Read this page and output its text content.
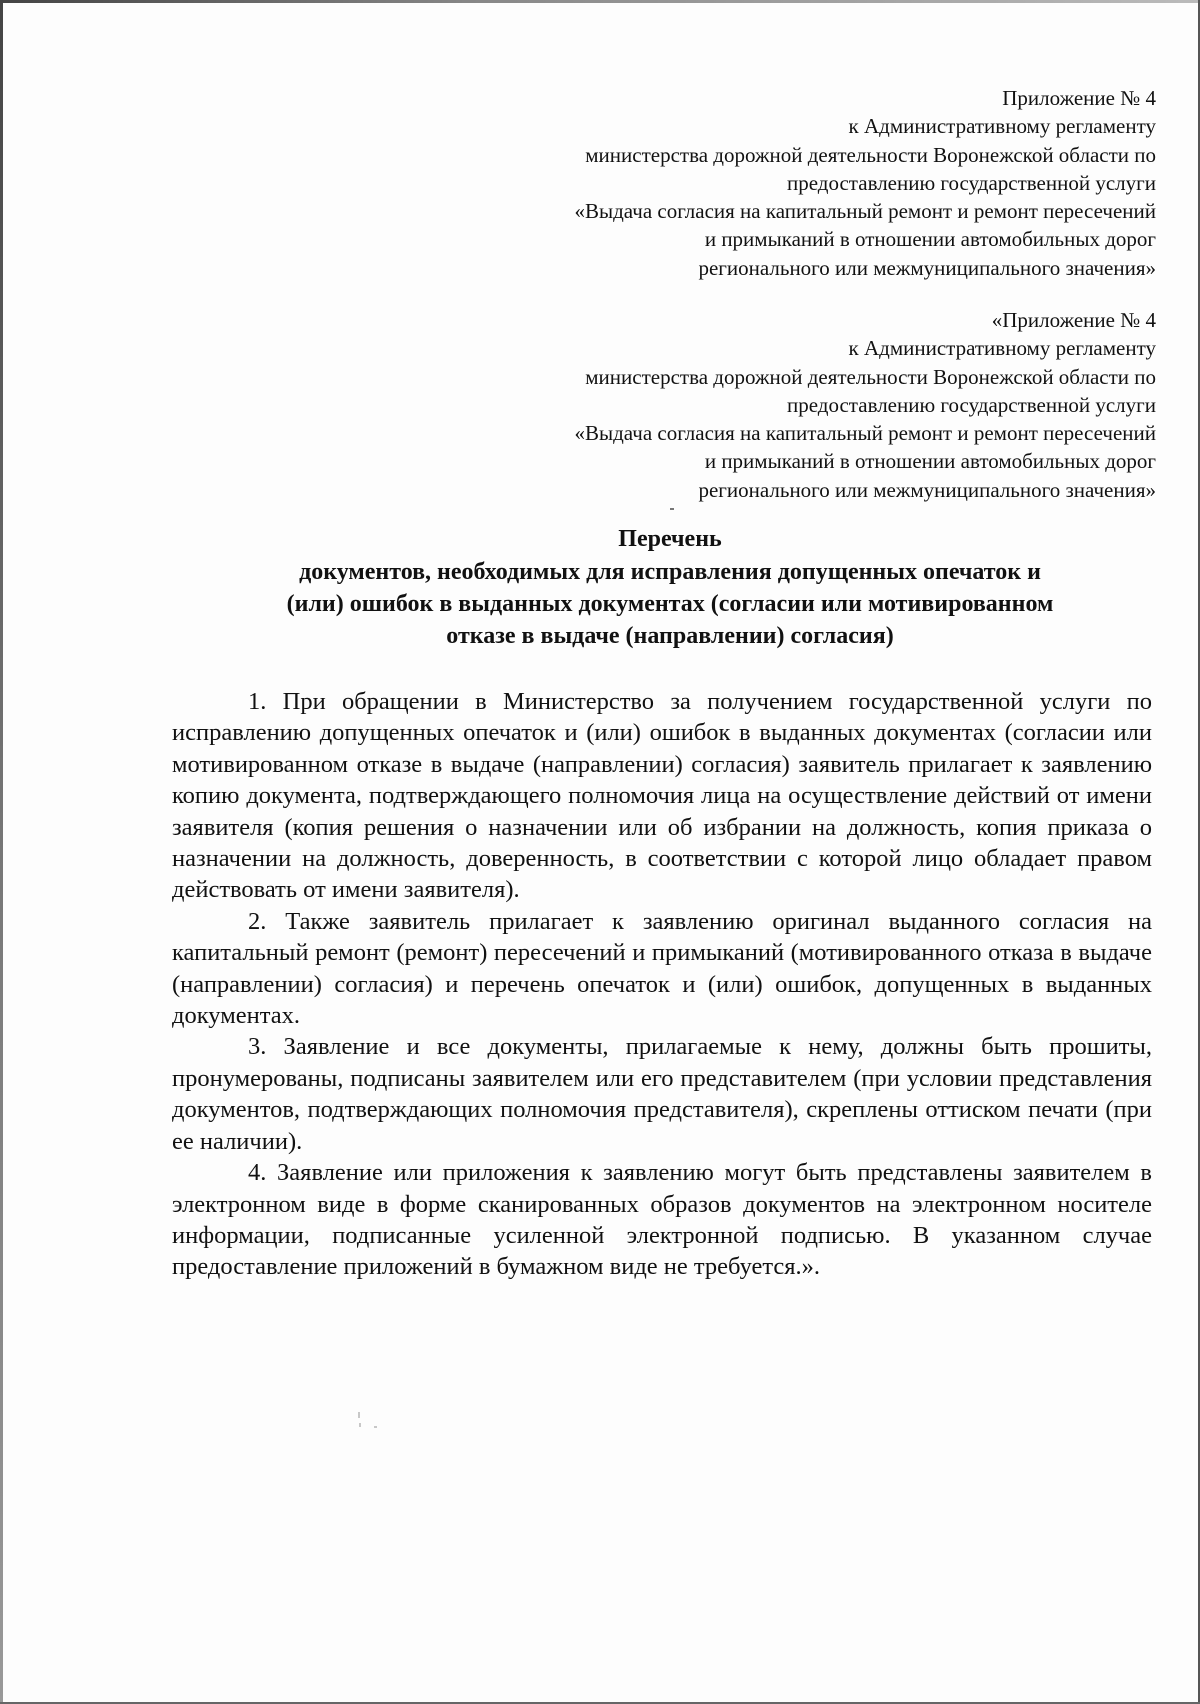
Приложение № 4
к Административному регламенту
министерства дорожной деятельности Воронежской области по
предоставлению государственной услуги
«Выдача согласия на капитальный ремонт и ремонт пересечений
и примыканий в отношении автомобильных дорог
регионального или межмуниципального значения»
«Приложение № 4
к Административному регламенту
министерства дорожной деятельности Воронежской области по
предоставлению государственной услуги
«Выдача согласия на капитальный ремонт и ремонт пересечений
и примыканий в отношении автомобильных дорог
регионального или межмуниципального значения»
Перечень
документов, необходимых для исправления допущенных опечаток и
(или) ошибок в выданных документах (согласии или мотивированном
отказе в выдаче (направлении) согласия)

1. При обращении в Министерство за получением государственной услуги по исправлению допущенных опечаток и (или) ошибок в выданных документах (согласии или мотивированном отказе в выдаче (направлении) согласия) заявитель прилагает к заявлению копию документа, подтверждающего полномочия лица на осуществление действий от имени заявителя (копия решения о назначении или об избрании на должность, копия приказа о назначении на должность, доверенность, в соответствии с которой лицо обладает правом действовать от имени заявителя).

2. Также заявитель прилагает к заявлению оригинал выданного согласия на капитальный ремонт (ремонт) пересечений и примыканий (мотивированного отказа в выдаче (направлении) согласия) и перечень опечаток и (или) ошибок, допущенных в выданных документах.

3. Заявление и все документы, прилагаемые к нему, должны быть прошиты, пронумерованы, подписаны заявителем или его представителем (при условии представления документов, подтверждающих полномочия представителя), скреплены оттиском печати (при ее наличии).

4. Заявление или приложения к заявлению могут быть представлены заявителем в электронном виде в форме сканированных образов документов на электронном носителе информации, подписанные усиленной электронной подписью. В указанном случае предоставление приложений в бумажном виде не требуется.».
